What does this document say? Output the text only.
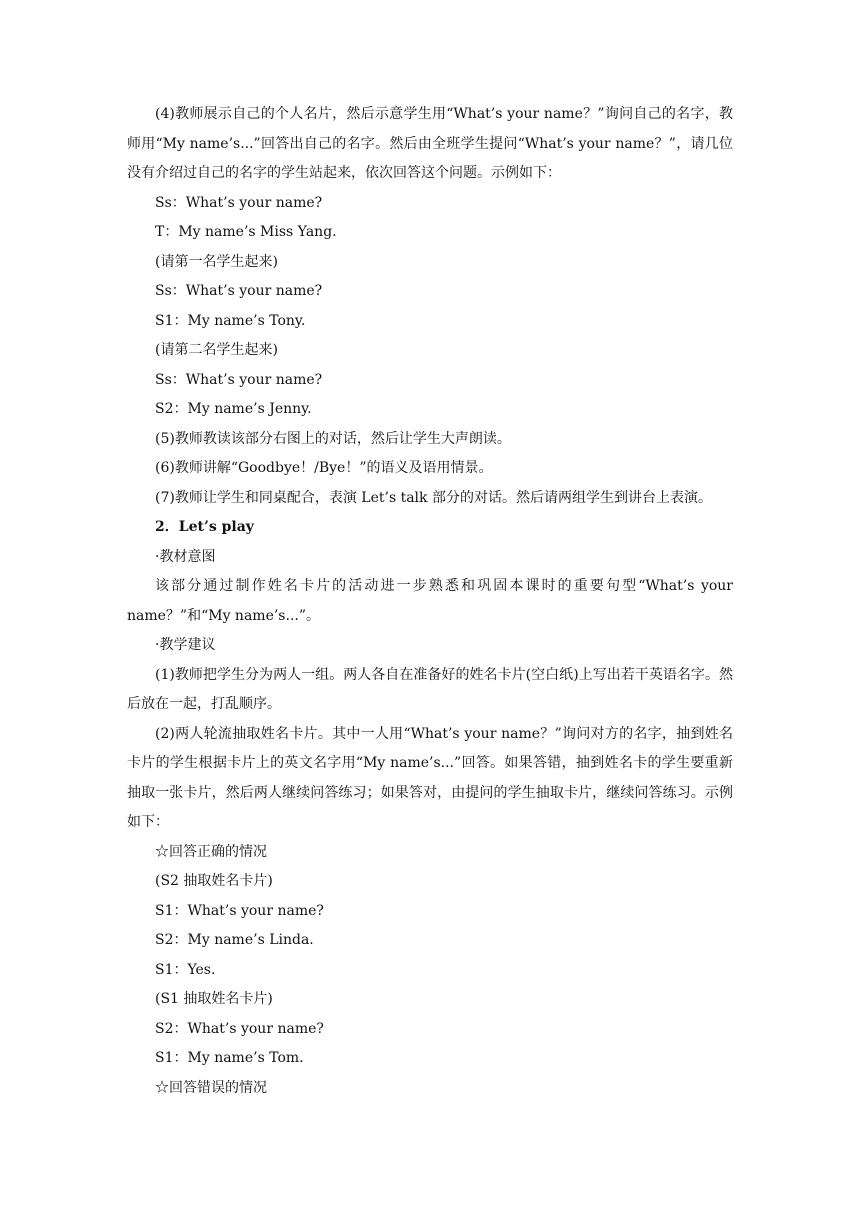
(4)教师展示自己的个人名片，然后示意学生用“What’s your name？”询问自己的名字，教师用“My name’s...”回答出自己的名字。然后由全班学生提问“What’s your name？”，请几位没有介绍过自己的名字的学生站起来，依次回答这个问题。示例如下：

Ss：What’s your name?

T：My name’s Miss Yang.

(请第一名学生起来)

Ss：What’s your name?

S1：My name’s Tony.

(请第二名学生起来)

Ss：What’s your name?

S2：My name’s Jenny.

(5)教师教读该部分右图上的对话，然后让学生大声朗读。

(6)教师讲解“Goodbye！/Bye！”的语义及语用情景。

(7)教师让学生和同桌配合，表演 Let’s talk 部分的对话。然后请两组学生到讲台上表演。

2．Let’s play

·教材意图

该部分通过制作姓名卡片的活动进一步熟悉和巩固本课时的重要句型“What’s your name？”和“My name’s...”。

·教学建议

(1)教师把学生分为两人一组。两人各自在准备好的姓名卡片(空白纸)上写出若干英语名字。然后放在一起，打乱顺序。

(2)两人轮流抽取姓名卡片。其中一人用“What’s your name？”询问对方的名字，抽到姓名卡片的学生根据卡片上的英文名字用“My name’s...”回答。如果答错，抽到姓名卡的学生要重新抽取一张卡片，然后两人继续问答练习；如果答对，由提问的学生抽取卡片，继续问答练习。示例如下：

☆回答正确的情况

(S2 抽取姓名卡片)

S1：What’s your name?

S2：My name’s Linda.

S1：Yes.

(S1 抽取姓名卡片)

S2：What’s your name?

S1：My name’s Tom.

☆回答错误的情况
